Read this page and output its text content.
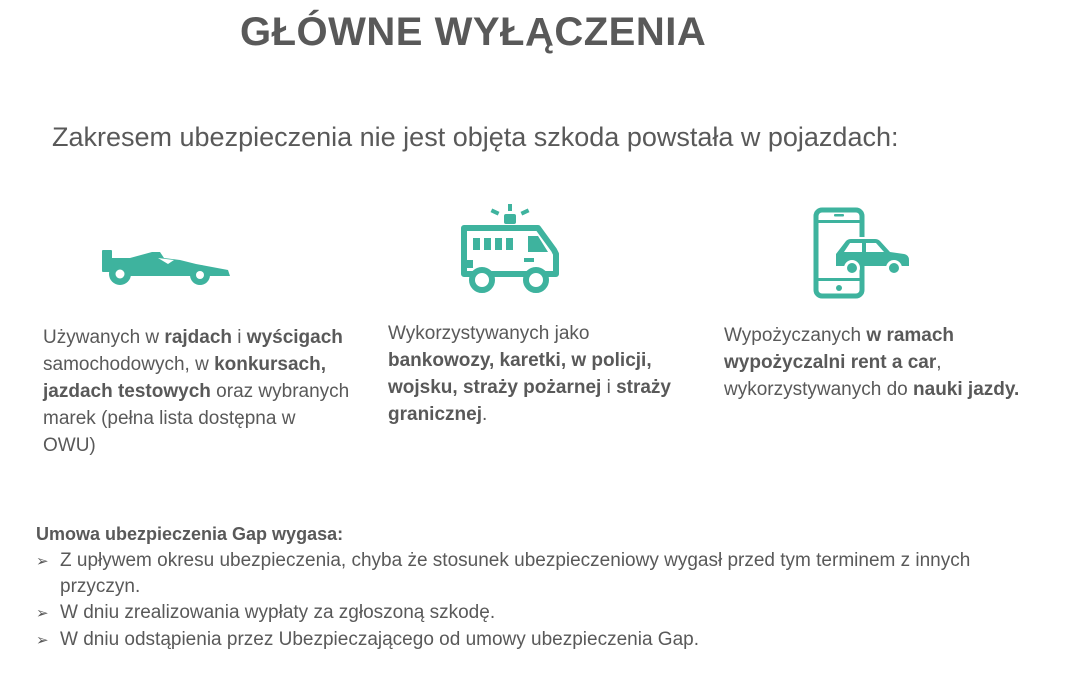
GŁÓWNE WYŁĄCZENIA
Zakresem ubezpieczenia nie jest objęta szkoda powstała w pojazdach:
Używanych w rajdach i wyścigach samochodowych, w konkursach, jazdach testowych oraz wybranych marek (pełna lista dostępna w OWU)
Wykorzystywanych jako bankowozy, karetki, w policji, wojsku, straży pożarnej i straży granicznej.
Wypożyczanych w ramach wypożyczalni rent a car, wykorzystywanych do nauki jazdy.
Umowa ubezpieczenia Gap wygasa:
➢ Z upływem okresu ubezpieczenia, chyba że stosunek ubezpieczeniowy wygasł przed tym terminem z innych przyczyn.
➢ W dniu zrealizowania wypłaty za zgłoszoną szkodę.
➢ W dniu odstąpienia przez Ubezpieczającego od umowy ubezpieczenia Gap.
